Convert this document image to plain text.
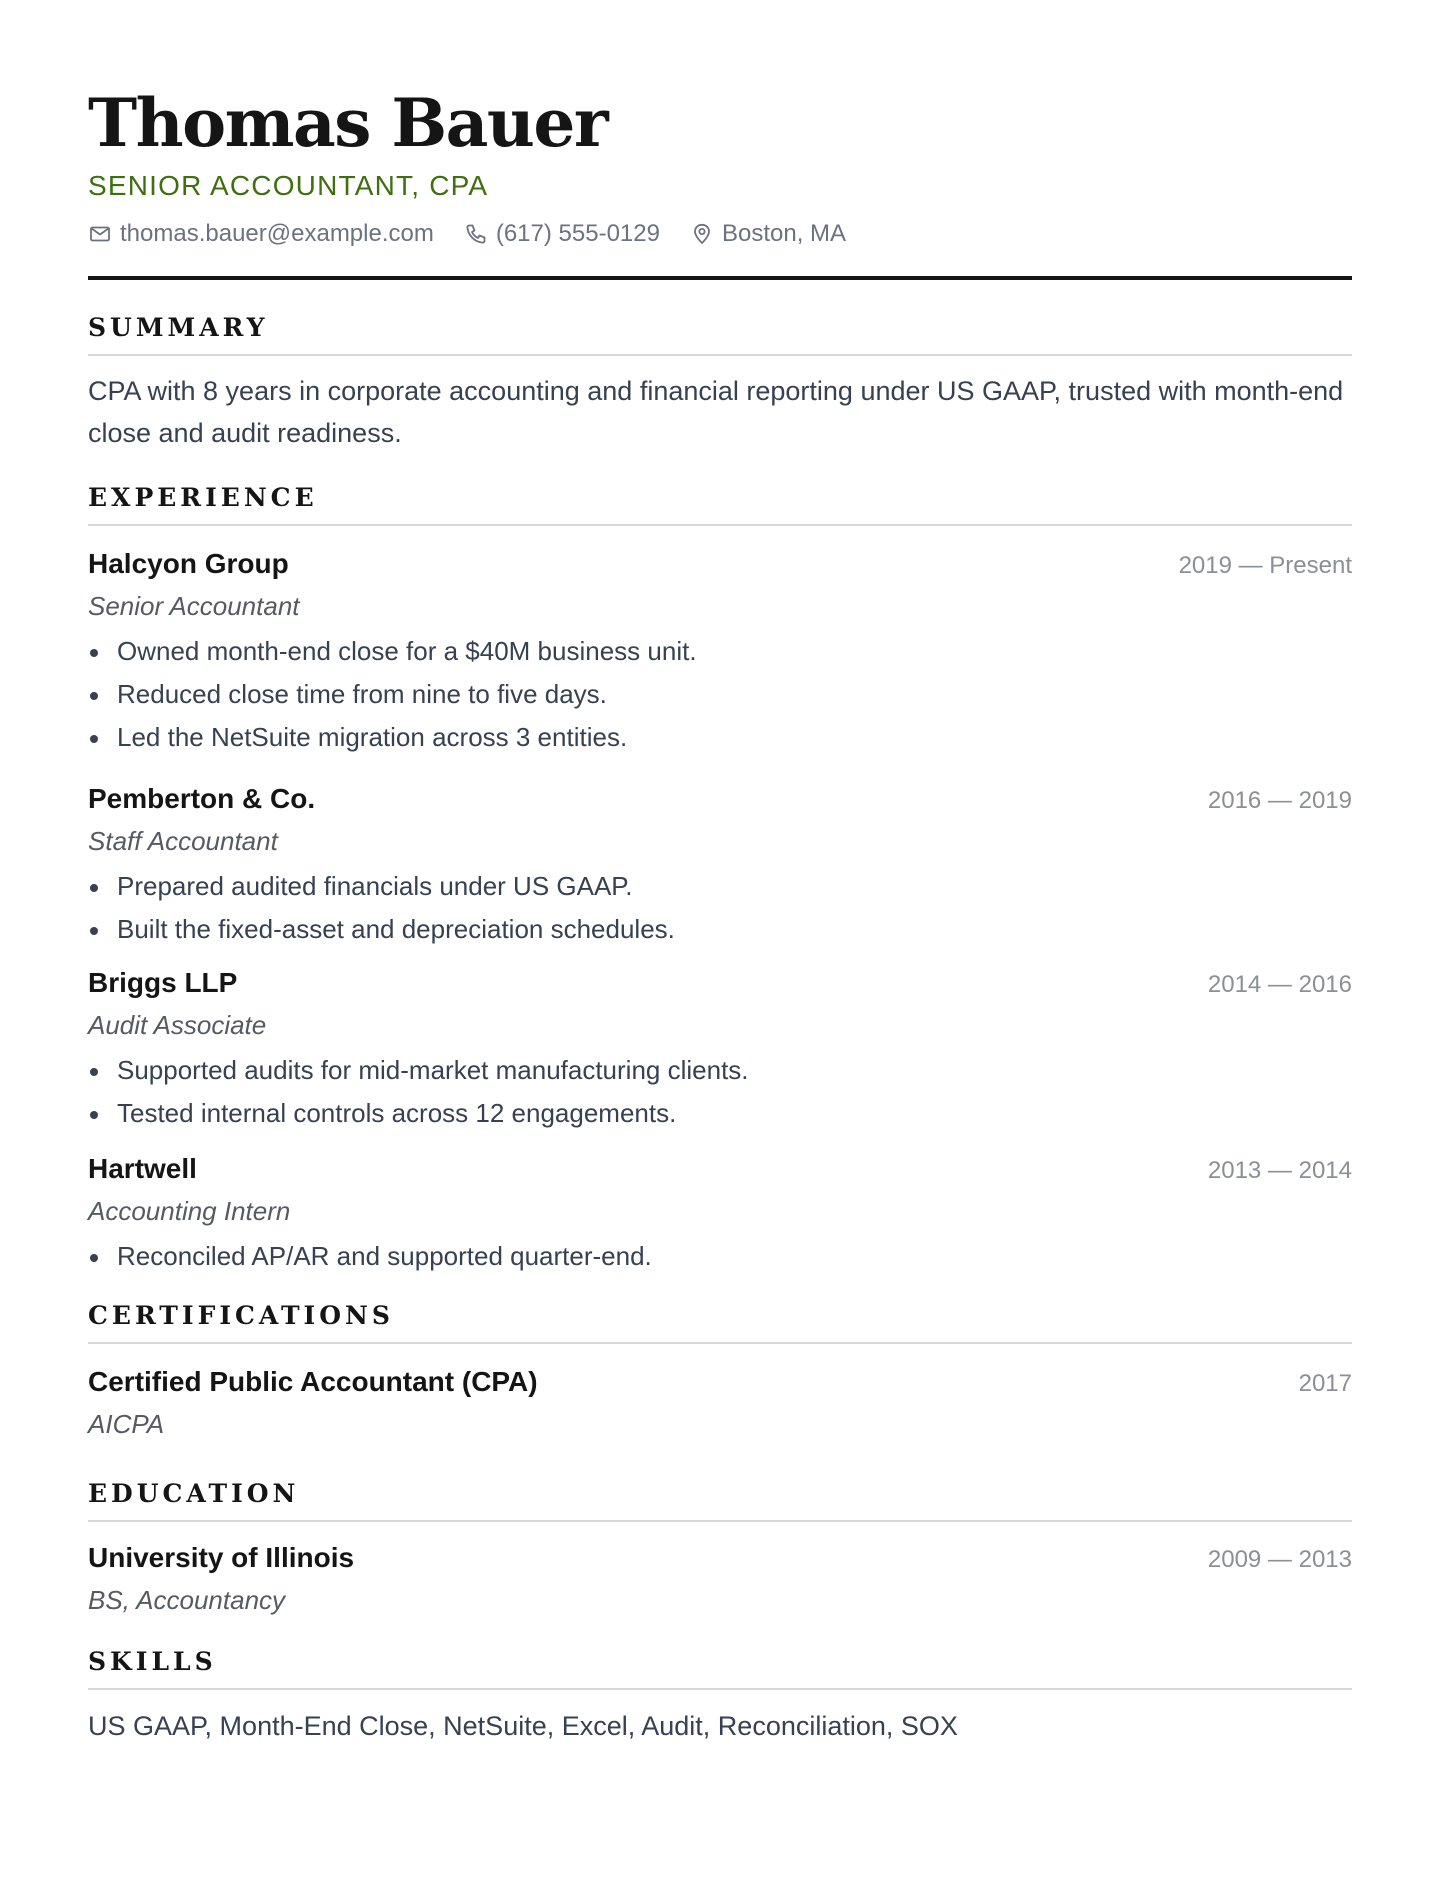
Thomas Bauer
SENIOR ACCOUNTANT, CPA
thomas.bauer@example.com	(617) 555-0129	Boston, MA
SUMMARY

CPA with 8 years in corporate accounting and financial reporting under US GAAP, trusted with month-end close and audit readiness.

EXPERIENCE
Halcyon Group	2019 — Present
Senior Accountant
Owned month-end close for a $40M business unit.
Reduced close time from nine to five days.
Led the NetSuite migration across 3 entities.
Pemberton & Co.	2016 — 2019
Staff Accountant
Prepared audited financials under US GAAP.
Built the fixed-asset and depreciation schedules.
Briggs LLP	2014 — 2016
Audit Associate
Supported audits for mid-market manufacturing clients.
Tested internal controls across 12 engagements.
Hartwell	2013 — 2014
Accounting Intern
Reconciled AP/AR and supported quarter-end.
CERTIFICATIONS
Certified Public Accountant (CPA)	2017
AICPA
EDUCATION
University of Illinois	2009 — 2013
BS, Accountancy
SKILLS
US GAAP, Month-End Close, NetSuite, Excel, Audit, Reconciliation, SOX
